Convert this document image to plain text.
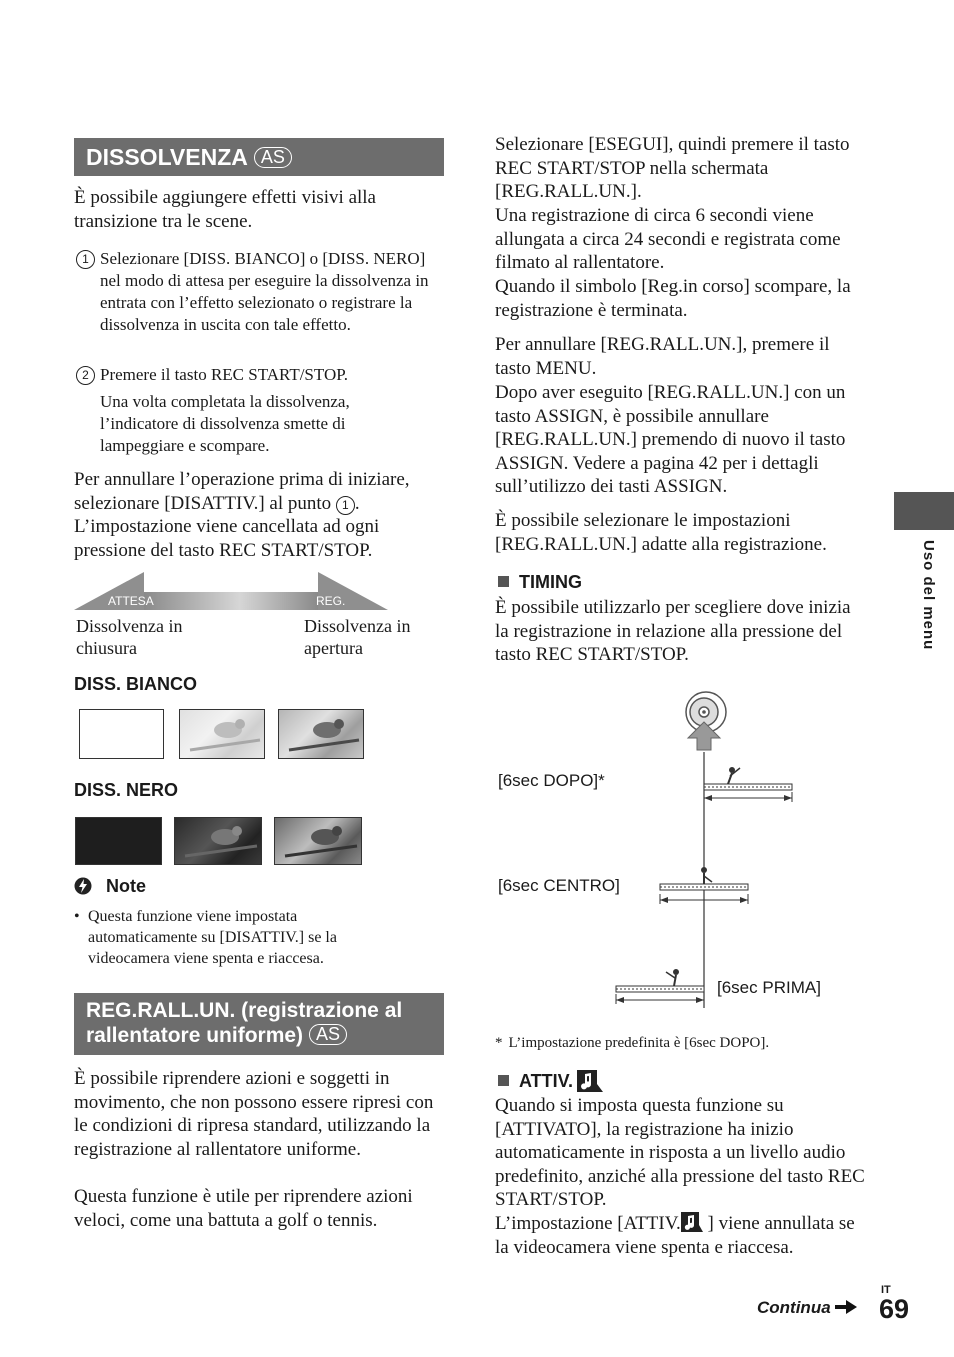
DISSOLVENZA AS

È possibile aggiungere effetti visivi alla transizione tra le scene.

1 Selezionare [DISS. BIANCO] o [DISS. NERO] nel modo di attesa per eseguire la dissolvenza in entrata con l’effetto selezionato o registrare la dissolvenza in uscita con tale effetto.

2 Premere il tasto REC START/STOP.

Una volta completata la dissolvenza, l’indicatore di dissolvenza smette di lampeggiare e scompare.

Per annullare l’operazione prima di iniziare, selezionare [DISATTIV.] al punto 1 .
L’impostazione viene cancellata ad ogni pressione del tasto REC START/STOP.
ATTESA	REG.

Dissolvenza in chiusura

Dissolvenza in apertura

DISS. BIANCO
DISS. NERO
Note
• Questa funzione viene impostata automaticamente su [DISATTIV.] se la videocamera viene spenta e riaccesa.

REG.RALL.UN. (registrazione al
rallentatore uniforme) AS

È possibile riprendere azioni e soggetti in movimento, che non possono essere ripresi con le condizioni di ripresa standard, utilizzando la registrazione al rallentatore uniforme.

Questa funzione è utile per riprendere azioni veloci, come una battuta a golf o tennis.

Selezionare [ESEGUI], quindi premere il tasto REC START/STOP nella schermata [REG.RALL.UN.].

Una registrazione di circa 6 secondi viene allungata a circa 24 secondi e registrata come filmato al rallentatore.

Quando il simbolo [Reg.in corso] scompare, la registrazione è terminata.

Per annullare [REG.RALL.UN.], premere il tasto MENU.

Dopo aver eseguito [REG.RALL.UN.] con un tasto ASSIGN, è possibile annullare [REG.RALL.UN.] premendo di nuovo il tasto ASSIGN. Vedere a pagina 42 per i dettagli sull’utilizzo dei tasti ASSIGN.

È possibile selezionare le impostazioni [REG.RALL.UN.] adatte alla registrazione.

TIMING

È possibile utilizzarlo per scegliere dove inizia la registrazione in relazione alla pressione del tasto REC START/STOP.

[6sec DOPO]*
[6sec CENTRO]
[6sec PRIMA]
* L’impostazione predefinita è [6sec DOPO].
ATTIV.

Quando si imposta questa funzione su [ATTIVATO], la registrazione ha inizio automaticamente in risposta a un livello audio predefinito, anziché alla pressione del tasto REC START/STOP.

L’impostazione [ATTIV. ] viene annullata se la videocamera viene spenta e riaccesa.
Uso del menu
Continua
IT
69
